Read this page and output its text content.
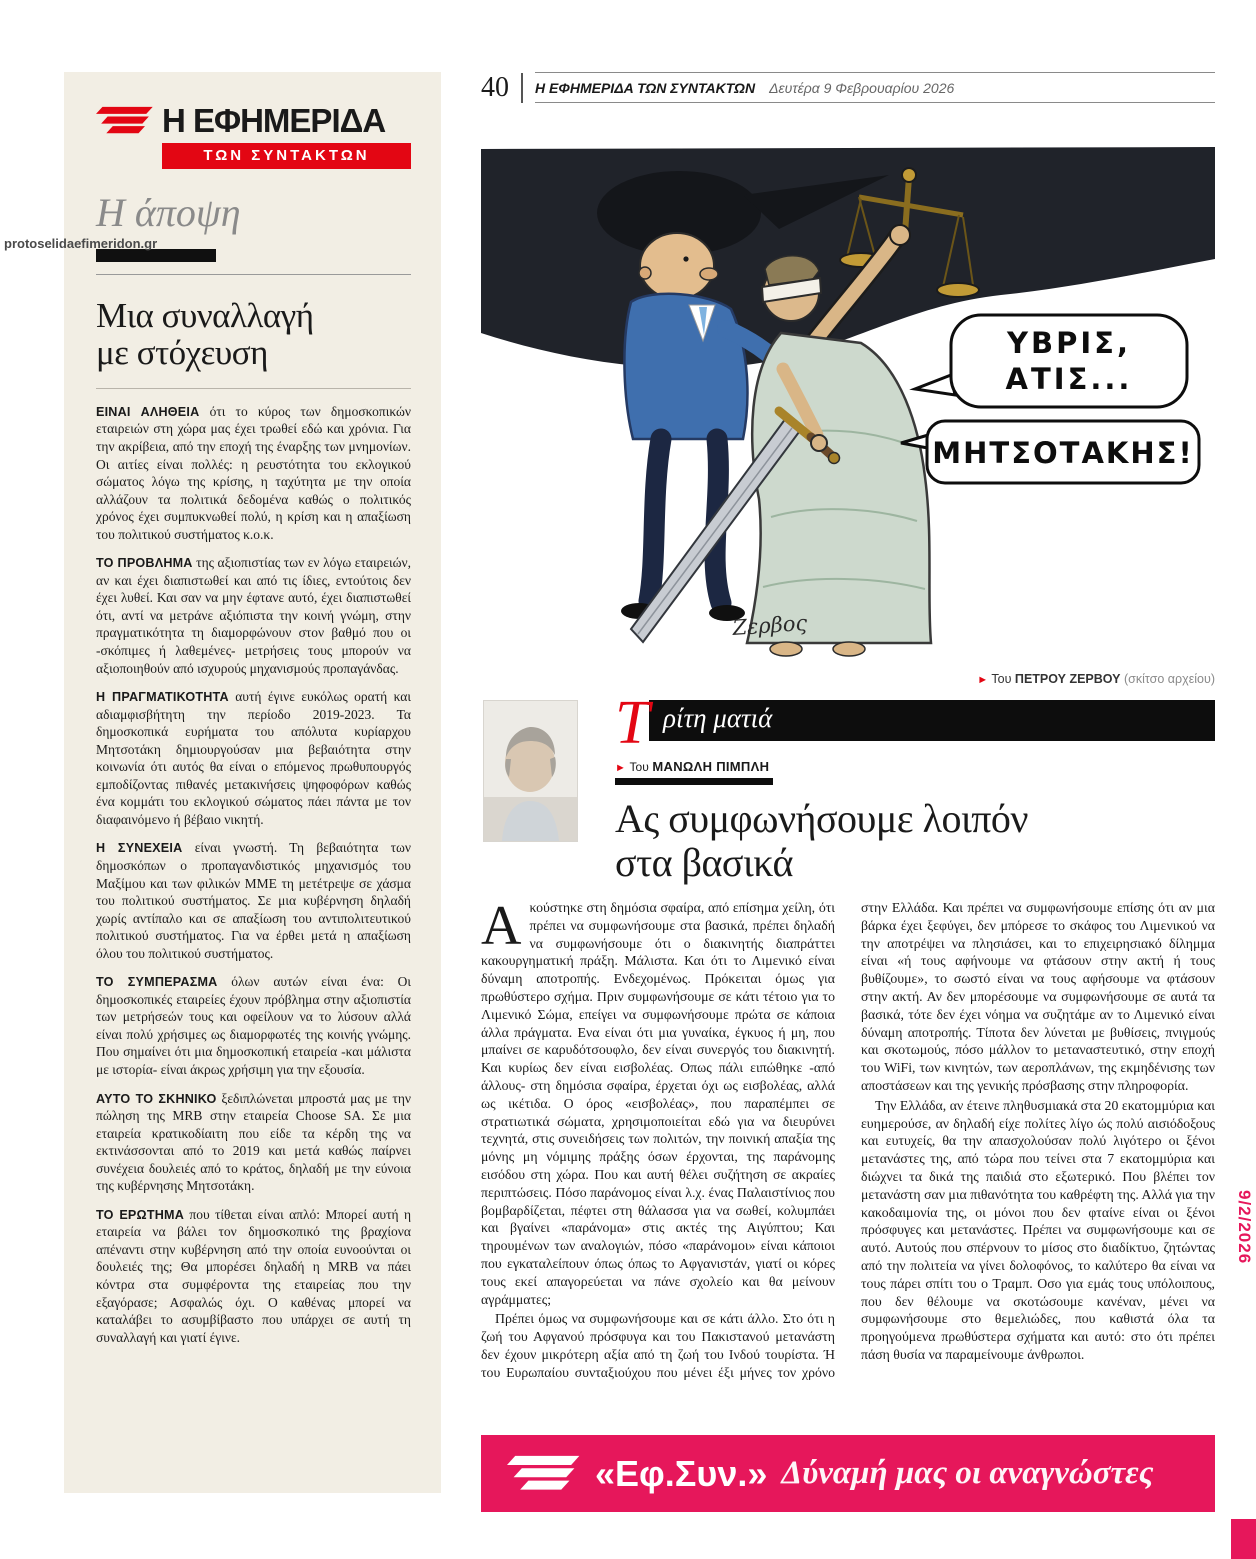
protoselidaefimeridon.gr
Η ΕΦΗΜΕΡΙΔΑ
ΤΩΝ ΣΥΝΤΑΚΤΩΝ
Η άποψη
Μια συναλλαγή
με στόχευση

ΕΙΝΑΙ ΑΛΗΘΕΙΑ ότι το κύρος των δημοσκοπικών εταιρειών στη χώρα μας έχει τρωθεί εδώ και χρόνια. Για την ακρίβεια, από την εποχή της έναρξης των μνημονίων. Οι αιτίες είναι πολλές: η ρευστότητα του εκλογικού σώματος λόγω της κρίσης, η ταχύτητα με την οποία αλλάζουν τα πολιτικά δεδομένα καθώς ο πολιτικός χρόνος έχει συμπυκνωθεί πολύ, η κρίση και η απαξίωση του πολιτικού συστήματος κ.ο.κ.

ΤΟ ΠΡΟΒΛΗΜΑ της αξιοπιστίας των εν λόγω εταιρειών, αν και έχει διαπιστωθεί και από τις ίδιες, εντούτοις δεν έχει λυθεί. Και σαν να μην έφτανε αυτό, έχει διαπιστωθεί ότι, αντί να μετράνε αξιόπιστα την κοινή γνώμη, στην πραγματικότητα τη διαμορφώνουν στον βαθμό που οι -σκόπιμες ή λαθεμένες- μετρήσεις τους μπορούν να αξιοποιηθούν από ισχυρούς μηχανισμούς προπαγάνδας.

Η ΠΡΑΓΜΑΤΙΚΟΤΗΤΑ αυτή έγινε ευκόλως ορατή και αδιαμφισβήτητη την περίοδο 2019-2023. Τα δημοσκοπικά ευρήματα του απόλυτα κυρίαρχου Μητσοτάκη δημιουργούσαν μια βεβαιότητα στην κοινωνία ότι αυτός θα είναι ο επόμενος πρωθυπουργός εμποδίζοντας πιθανές μετακινήσεις ψηφοφόρων καθώς ένα κομμάτι του εκλογικού σώματος πάει πάντα με τον διαφαινόμενο ή βέβαιο νικητή.

Η ΣΥΝΕΧΕΙΑ είναι γνωστή. Τη βεβαιότητα των δημοσκόπων ο προπαγανδιστικός μηχανισμός του Μαξίμου και των φιλικών ΜΜΕ τη μετέτρεψε σε χάσμα του πολιτικού συστήματος. Σε μια κυβέρνηση δηλαδή χωρίς αντίπαλο και σε απαξίωση του αντιπολιτευτικού πολιτικού συστήματος. Για να έρθει μετά η απαξίωση όλου του πολιτικού συστήματος.

ΤΟ ΣΥΜΠΕΡΑΣΜΑ όλων αυτών είναι ένα: Οι δημοσκοπικές εταιρείες έχουν πρόβλημα στην αξιοπιστία των μετρήσεών τους και οφείλουν να το λύσουν αλλά είναι πολύ χρήσιμες ως διαμορφωτές της κοινής γνώμης. Που σημαίνει ότι μια δημοσκοπική εταιρεία -και μάλιστα με ιστορία- είναι άκρως χρήσιμη για την εξουσία.

ΑΥΤΟ ΤΟ ΣΚΗΝΙΚΟ ξεδιπλώνεται μπροστά μας με την πώληση της MRB στην εταιρεία Choose SA. Σε μια εταιρεία κρατικοδίαιτη που είδε τα κέρδη της να εκτινάσσονται από το 2019 και μετά καθώς παίρνει συνέχεια δουλειές από το κράτος, δηλαδή με την εύνοια της κυβέρνησης Μητσοτάκη.

ΤΟ ΕΡΩΤΗΜΑ που τίθεται είναι απλό: Μπορεί αυτή η εταιρεία να βάλει τον δημοσκοπικό της βραχίονα απέναντι στην κυβέρνηση από την οποία ευνοούνται οι δουλειές της; Θα μπορέσει δηλαδή η MRB να πάει κόντρα στα συμφέροντα της εταιρείας που την εξαγόρασε; Ασφαλώς όχι. Ο καθένας μπορεί να καταλάβει το ασυμβίβαστο που υπάρχει σε αυτή τη συναλλαγή και γιατί έγινε.

40 Η ΕΦΗΜΕΡΙΔΑ ΤΩΝ ΣΥΝΤΑΚΤΩΝ Δευτέρα 9 Φεβρουαρίου 2026
ΥΒΡΙΣ,
ΑΤΙΣ...
ΜΗΤΣΟΤΑΚΗΣ!
Ζερβος
► Του ΠΕΤΡΟΥ ΖΕΡΒΟΥ (σκίτσο αρχείου)
Τ ρίτη ματιά
► Του ΜΑΝΩΛΗ ΠΙΜΠΛΗ
Ας συμφωνήσουμε λοιπόν
στα βασικά

Ακούστηκε στη δημόσια σφαίρα, από επίσημα χείλη, ότι πρέπει να συμφωνήσουμε στα βασικά, πρέπει δηλαδή να συμφωνήσουμε ότι ο διακινητής διαπράττει κακουργηματική πράξη. Μάλιστα. Και ότι το Λιμενικό είναι δύναμη αποτροπής. Ενδεχομένως. Πρόκειται όμως για πρωθύστερο σχήμα. Πριν συμφωνήσουμε σε κάτι τέτοιο για το Λιμενικό Σώμα, επείγει να συμφωνήσουμε πρώτα σε κάποια άλλα πράγματα. Ενα είναι ότι μια γυναίκα, έγκυος ή μη, που μπαίνει σε καρυδότσουφλο, δεν είναι συνεργός του διακινητή. Και κυρίως δεν είναι εισβολέας. Οπως πάλι ειπώθηκε -από άλλους- στη δημόσια σφαίρα, έρχεται όχι ως εισβολέας, αλλά ως ικέτιδα. Ο όρος «εισβολέας», που παραπέμπει σε στρατιωτικά σώματα, χρησιμοποιείται εδώ για να διευρύνει τεχνητά, στις συνειδήσεις των πολιτών, την ποινική απαξία της μόνης μη νόμιμης πράξης όσων έρχονται, της παράνομης εισόδου στη χώρα. Που και αυτή θέλει συζήτηση σε ακραίες περιπτώσεις. Πόσο παράνομος είναι λ.χ. ένας Παλαιστίνιος που βομβαρδίζεται, πέφτει στη θάλασσα για να σωθεί, κολυμπάει και βγαίνει «παράνομα» στις ακτές της Αιγύπτου; Και τηρουμένων των αναλογιών, πόσο «παράνομοι» είναι κάποιοι που εγκαταλείπουν όπως όπως το Αφγανιστάν, γιατί οι κόρες τους εκεί απαγορεύεται να πάνε σχολείο και θα μείνουν αγράμματες;

Πρέπει όμως να συμφωνήσουμε και σε κάτι άλλο. Στο ότι η ζωή του Αφγανού πρόσφυγα και του Πακιστανού μετανάστη δεν έχουν μικρότερη αξία από τη ζωή του Ινδού τουρίστα. Ή του Ευρωπαίου συνταξιούχου που μένει έξι μήνες τον χρόνο στην Ελλάδα. Και πρέπει να συμφωνήσουμε επίσης ότι αν μια βάρκα έχει ξεφύγει, δεν μπόρεσε το σκάφος του Λιμενικού να την αποτρέψει να πλησιάσει, και το επιχειρησιακό δίλημμα είναι «ή τους αφήνουμε να φτάσουν στην ακτή ή τους βυθίζουμε», το σωστό είναι να τους αφήσουμε να φτάσουν στην ακτή. Αν δεν μπορέσουμε να συμφωνήσουμε σε αυτά τα βασικά, τότε δεν έχει νόημα να συζητάμε αν το Λιμενικό είναι δύναμη αποτροπής. Τίποτα δεν λύνεται με βυθίσεις, πνιγμούς και σκοτωμούς, πόσο μάλλον το μεταναστευτικό, στην εποχή του WiFi, των κινητών, των αεροπλάνων, της εκμηδένισης των αποστάσεων και της γενικής πρόσβασης στην πληροφορία.

Την Ελλάδα, αν έτεινε πληθυσμιακά στα 20 εκατομμύρια και ευημερούσε, αν δηλαδή είχε πολίτες λίγο ώς πολύ αισιόδοξους και ευτυχείς, θα την απασχολούσαν πολύ λιγότερο οι ξένοι μετανάστες της, από τώρα που τείνει στα 7 εκατομμύρια και διώχνει τα δικά της παιδιά στο εξωτερικό. Που βλέπει τον μετανάστη σαν μια πιθανότητα του καθρέφτη της. Αλλά για την κακοδαιμονία της, οι μόνοι που δεν φταίνε είναι οι ξένοι πρόσφυγες και μετανάστες. Πρέπει να συμφωνήσουμε και σε αυτό. Αυτούς που σπέρνουν το μίσος στο διαδίκτυο, ζητώντας από την πολιτεία να γίνει δολοφόνος, το καλύτερο θα είναι να τους πάρει σπίτι του ο Τραμπ. Οσο για εμάς τους υπόλοιπους, που δεν θέλουμε να σκοτώσουμε κανέναν, μένει να συμφωνήσουμε στο θεμελιώδες, που καθιστά όλα τα προηγούμενα πρωθύστερα σχήματα και αυτό: στο ότι πρέπει πάση θυσία να παραμείνουμε άνθρωποι.

«Εφ.Συν.» Δύναμή μας οι αναγνώστες
9/2/2026
